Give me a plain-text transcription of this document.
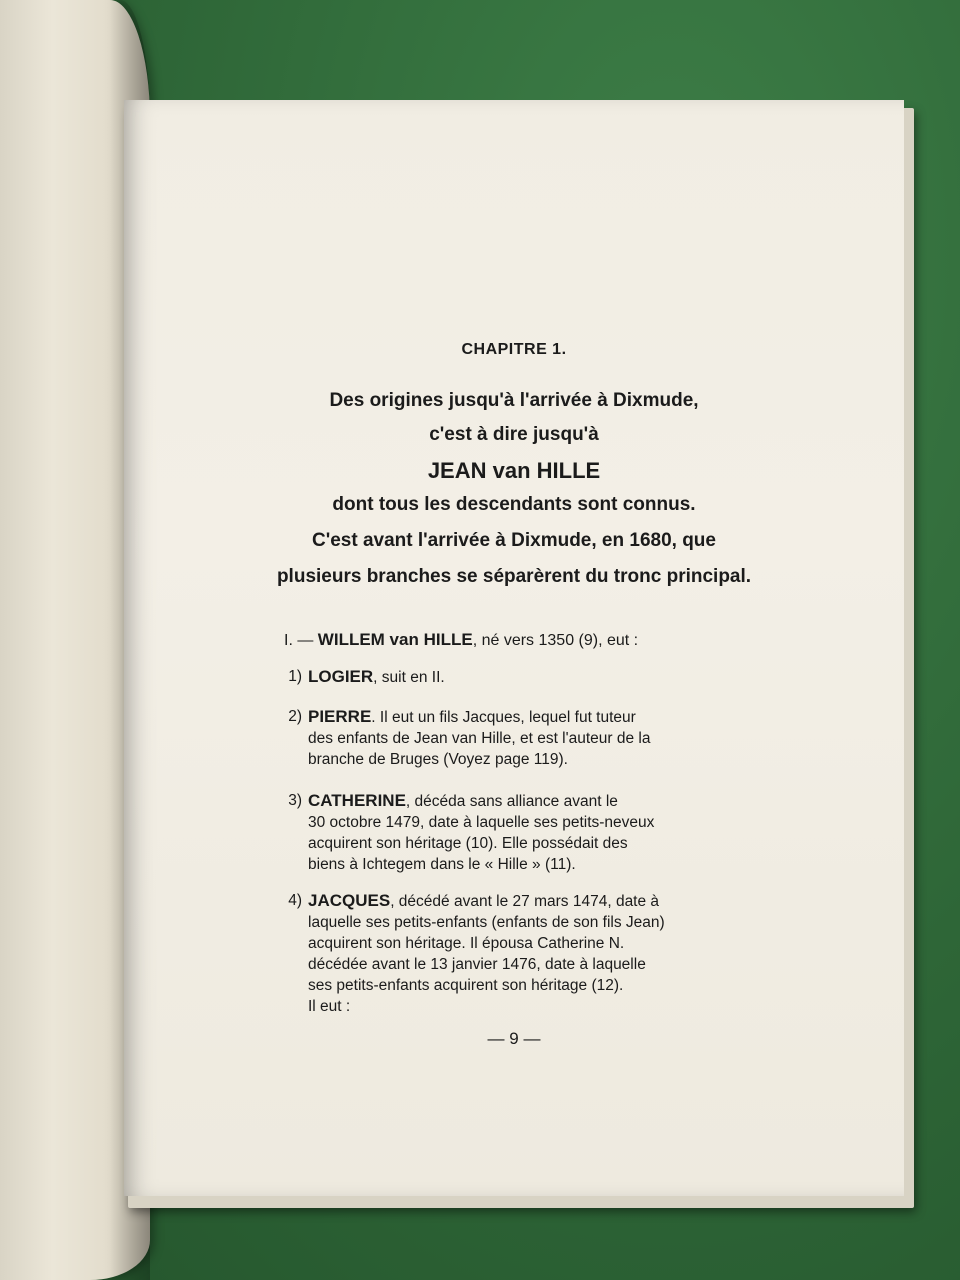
CHAPITRE 1.
Des origines jusqu'à l'arrivée à Dixmude,
c'est à dire jusqu'à
JEAN van HILLE
dont tous les descendants sont connus.
C'est avant l'arrivée à Dixmude, en 1680, que
plusieurs branches se séparèrent du tronc principal.
I. — WILLEM van HILLE, né vers 1350 (9), eut :
1) LOGIER, suit en II.
2) PIERRE. Il eut un fils Jacques, lequel fut tuteur
des enfants de Jean van Hille, et est l'auteur de la
branche de Bruges (Voyez page 119).
3) CATHERINE, décéda sans alliance avant le
30 octobre 1479, date à laquelle ses petits-neveux
acquirent son héritage (10). Elle possédait des
biens à Ichtegem dans le « Hille » (11).
4) JACQUES, décédé avant le 27 mars 1474, date à
laquelle ses petits-enfants (enfants de son fils Jean)
acquirent son héritage. Il épousa Catherine N.
décédée avant le 13 janvier 1476, date à laquelle
ses petits-enfants acquirent son héritage (12).
Il eut :
— 9 —
